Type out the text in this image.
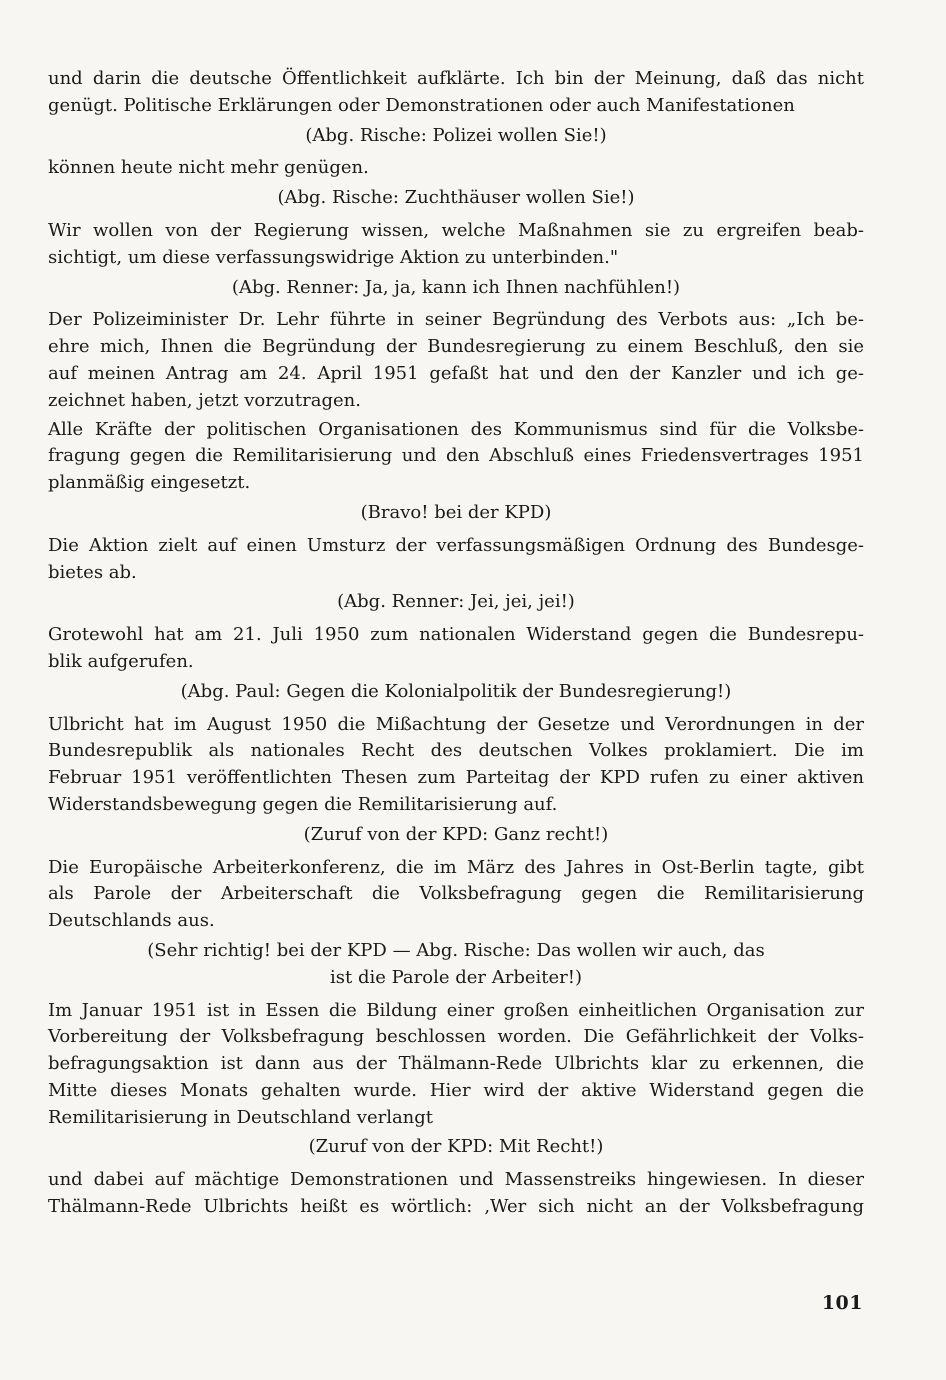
und darin die deutsche Öffentlichkeit aufklärte. Ich bin der Meinung, daß das nicht
genügt. Politische Erklärungen oder Demonstrationen oder auch Manifestationen
(Abg. Rische: Polizei wollen Sie!)
können heute nicht mehr genügen.
(Abg. Rische: Zuchthäuser wollen Sie!)
Wir wollen von der Regierung wissen, welche Maßnahmen sie zu ergreifen beab-
sichtigt, um diese verfassungswidrige Aktion zu unterbinden."
(Abg. Renner: Ja, ja, kann ich Ihnen nachfühlen!)
Der Polizeiminister Dr. Lehr führte in seiner Begründung des Verbots aus: „Ich be-
ehre mich, Ihnen die Begründung der Bundesregierung zu einem Beschluß, den sie
auf meinen Antrag am 24. April 1951 gefaßt hat und den der Kanzler und ich ge-
zeichnet haben, jetzt vorzutragen.
Alle Kräfte der politischen Organisationen des Kommunismus sind für die Volksbe-
fragung gegen die Remilitarisierung und den Abschluß eines Friedensvertrages 1951
planmäßig eingesetzt.
(Bravo! bei der KPD)
Die Aktion zielt auf einen Umsturz der verfassungsmäßigen Ordnung des Bundesge-
bietes ab.
(Abg. Renner: Jei, jei, jei!)
Grotewohl hat am 21. Juli 1950 zum nationalen Widerstand gegen die Bundesrepu-
blik aufgerufen.
(Abg. Paul: Gegen die Kolonialpolitik der Bundesregierung!)
Ulbricht hat im August 1950 die Mißachtung der Gesetze und Verordnungen in der
Bundesrepublik als nationales Recht des deutschen Volkes proklamiert. Die im
Februar 1951 veröffentlichten Thesen zum Parteitag der KPD rufen zu einer aktiven
Widerstandsbewegung gegen die Remilitarisierung auf.
(Zuruf von der KPD: Ganz recht!)
Die Europäische Arbeiterkonferenz, die im März des Jahres in Ost-Berlin tagte, gibt
als Parole der Arbeiterschaft die Volksbefragung gegen die Remilitarisierung
Deutschlands aus.
(Sehr richtig! bei der KPD — Abg. Rische: Das wollen wir auch, das
ist die Parole der Arbeiter!)
Im Januar 1951 ist in Essen die Bildung einer großen einheitlichen Organisation zur
Vorbereitung der Volksbefragung beschlossen worden. Die Gefährlichkeit der Volks-
befragungsaktion ist dann aus der Thälmann-Rede Ulbrichts klar zu erkennen, die
Mitte dieses Monats gehalten wurde. Hier wird der aktive Widerstand gegen die
Remilitarisierung in Deutschland verlangt
(Zuruf von der KPD: Mit Recht!)
und dabei auf mächtige Demonstrationen und Massenstreiks hingewiesen. In dieser
Thälmann-Rede Ulbrichts heißt es wörtlich: ‚Wer sich nicht an der Volksbefragung
101
